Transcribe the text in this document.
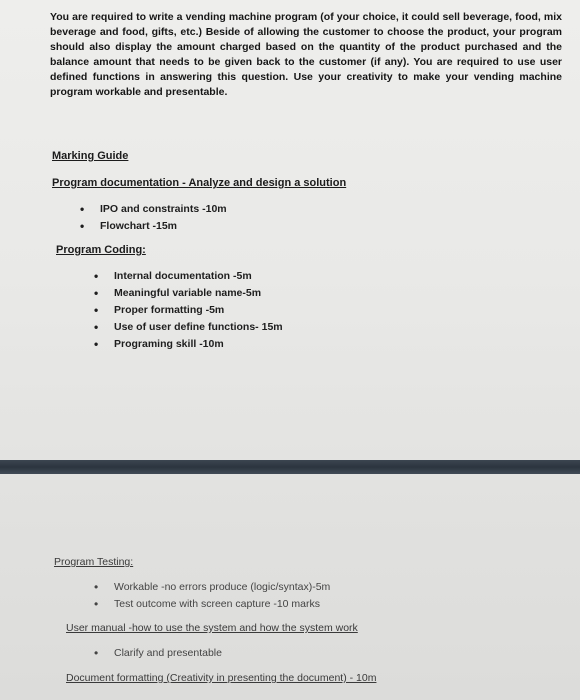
You are required to write a vending machine program (of your choice, it could sell beverage, food, mix beverage and food, gifts, etc.) Beside of allowing the customer to choose the product, your program should also display the amount charged based on the quantity of the product purchased and the balance amount that needs to be given back to the customer (if any). You are required to use user defined functions in answering this question. Use your creativity to make your vending machine program workable and presentable.
Marking Guide
Program documentation - Analyze and design a solution
• IPO and constraints -10m
• Flowchart -15m
Program Coding:
• Internal documentation -5m
• Meaningful variable name-5m
• Proper formatting -5m
• Use of user define functions- 15m
• Programing skill -10m
Program Testing:
• Workable -no errors produce (logic/syntax)-5m
• Test outcome with screen capture -10 marks
User manual -how to use the system and how the system work
• Clarify and presentable
Document formatting (Creativity in presenting the document) - 10m
